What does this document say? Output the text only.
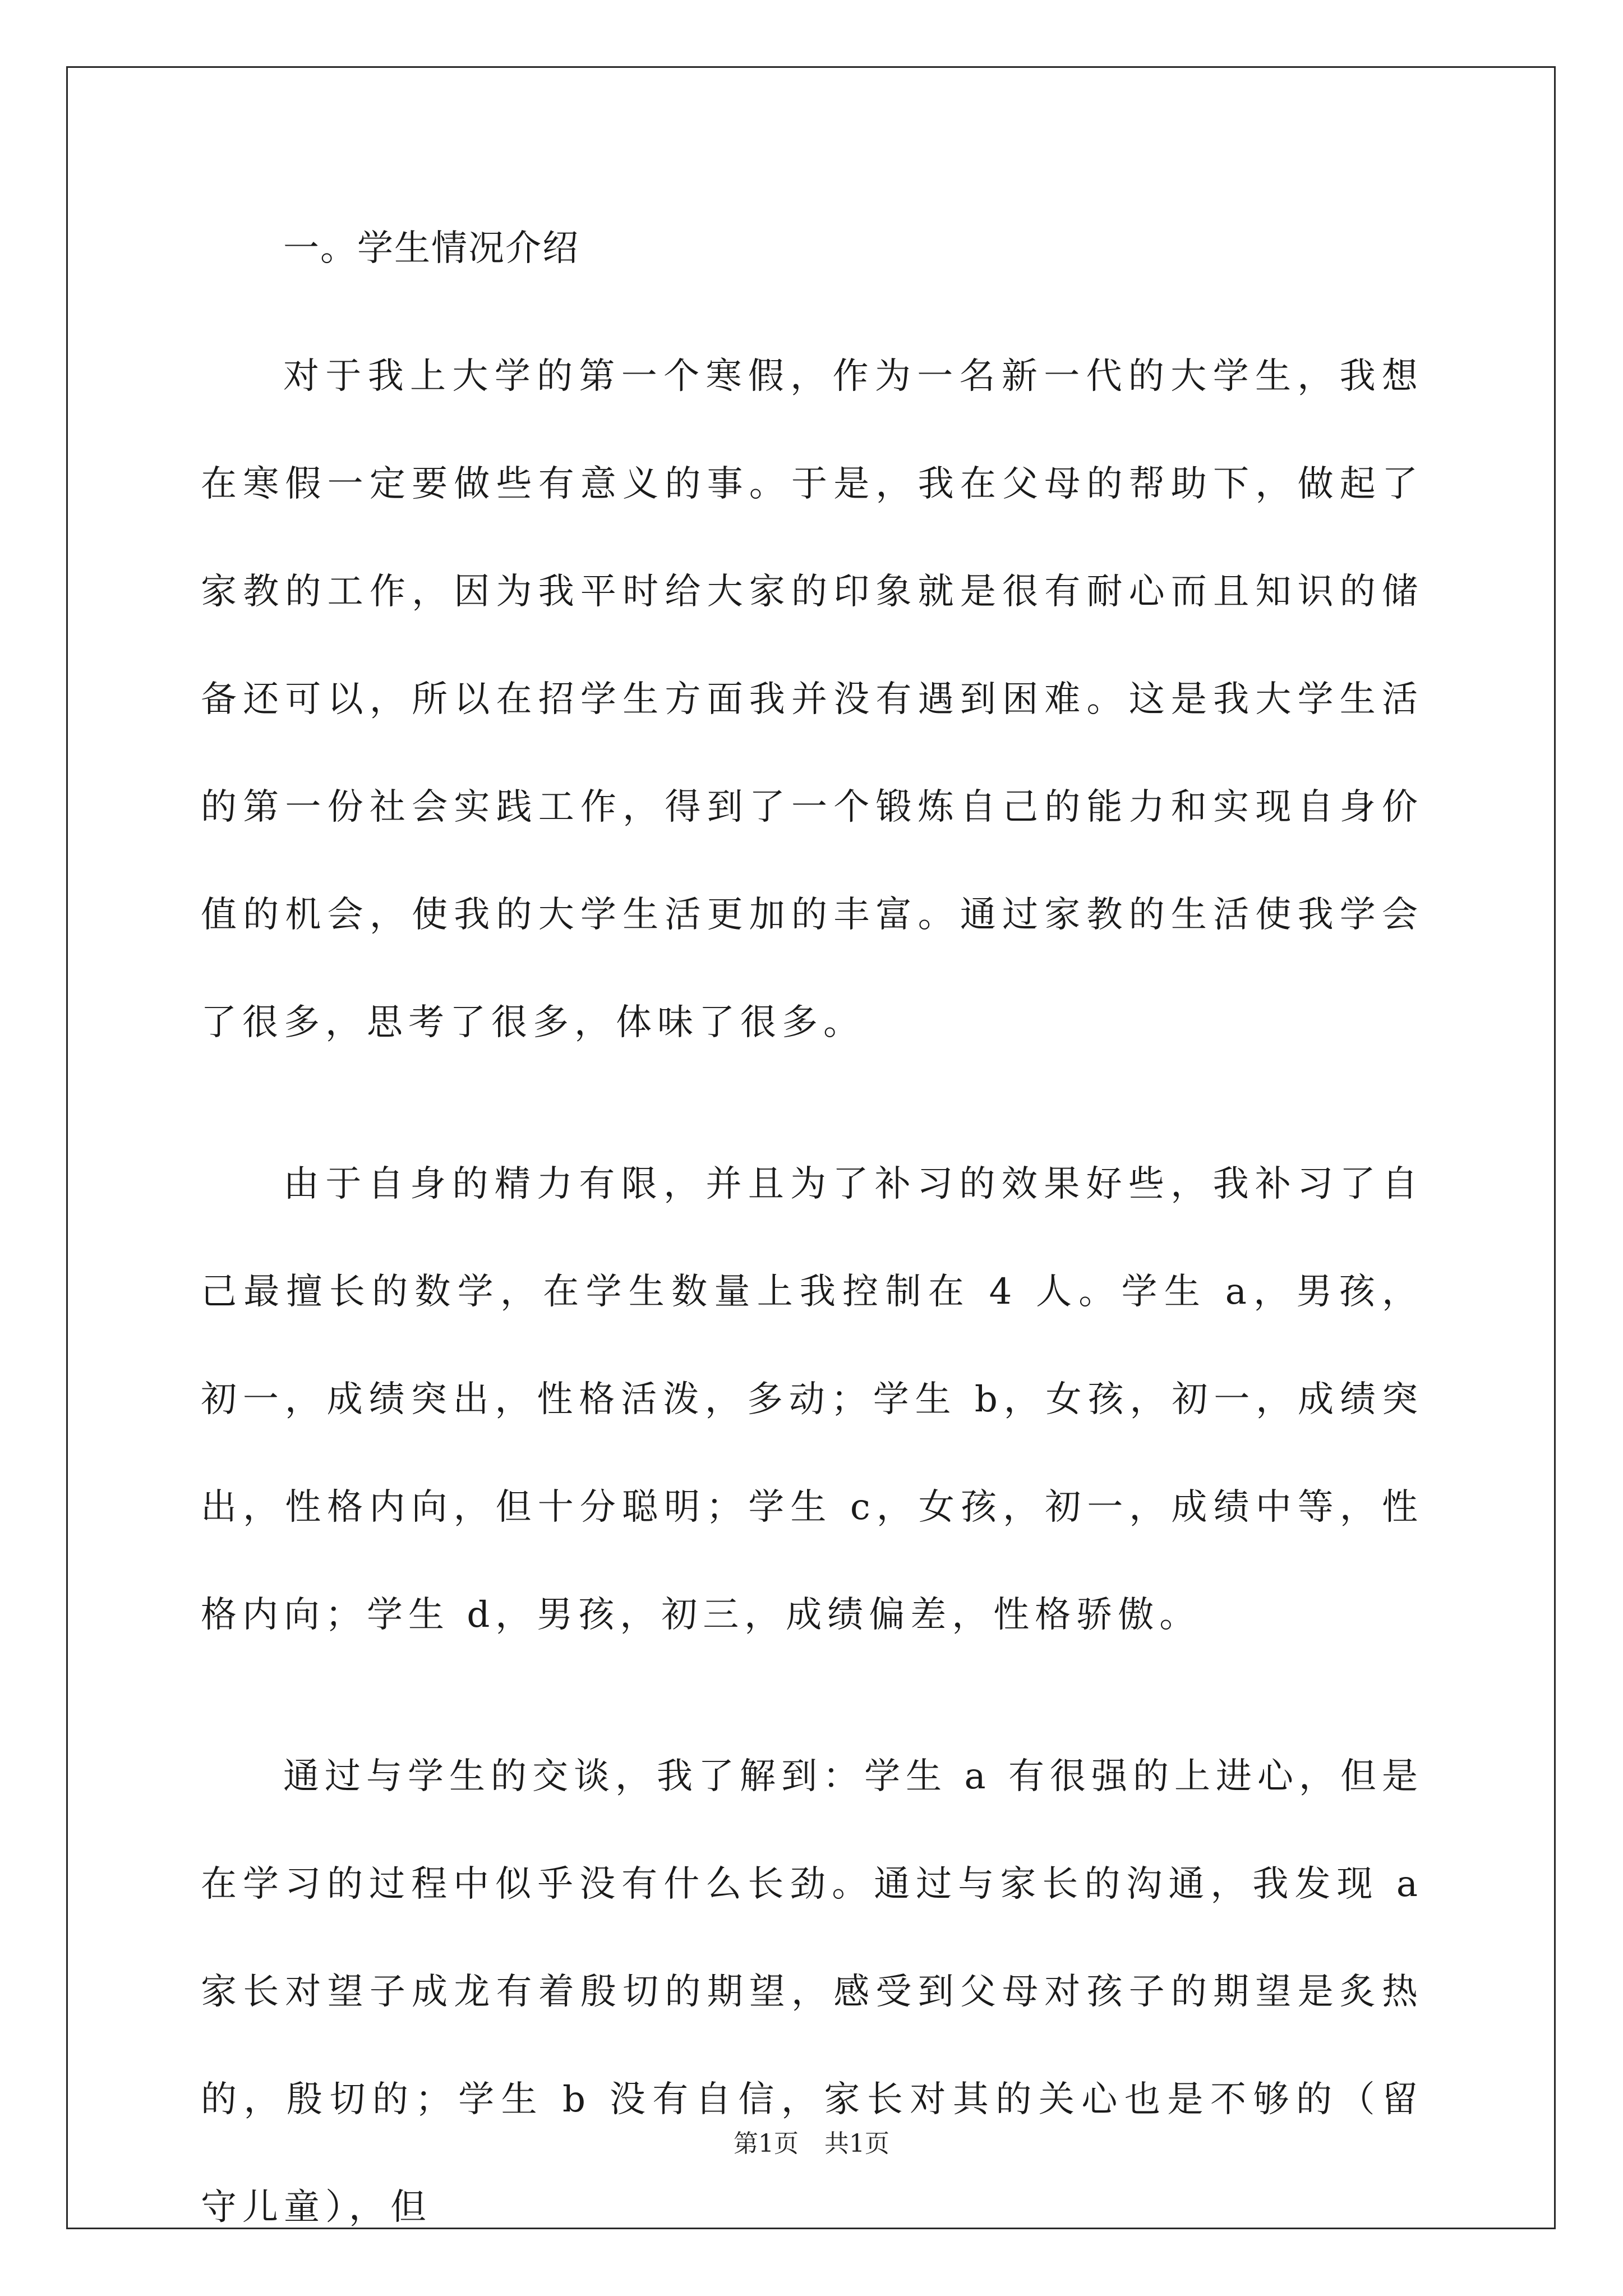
一。学生情况介绍

对于我上大学的第一个寒假，作为一名新一代的大学生，我想在寒假一定要做些有意义的事。于是，我在父母的帮助下，做起了家教的工作，因为我平时给大家的印象就是很有耐心而且知识的储备还可以，所以在招学生方面我并没有遇到困难。这是我大学生活的第一份社会实践工作，得到了一个锻炼自己的能力和实现自身价值的机会，使我的大学生活更加的丰富。通过家教的生活使我学会了很多，思考了很多，体味了很多。

由于自身的精力有限，并且为了补习的效果好些，我补习了自己最擅长的数学，在学生数量上我控制在 4 人。学生 a，男孩，初一，成绩突出，性格活泼，多动；学生 b，女孩，初一，成绩突出，性格内向，但十分聪明；学生 c，女孩，初一，成绩中等，性格内向；学生 d，男孩，初三，成绩偏差，性格骄傲。

通过与学生的交谈，我了解到：学生 a 有很强的上进心，但是在学习的过程中似乎没有什么长劲。通过与家长的沟通，我发现 a 家长对望子成龙有着殷切的期望，感受到父母对孩子的期望是炙热的，殷切的；学生 b 没有自信，家长对其的关心也是不够的（留守儿童），但

第1页 共1页
